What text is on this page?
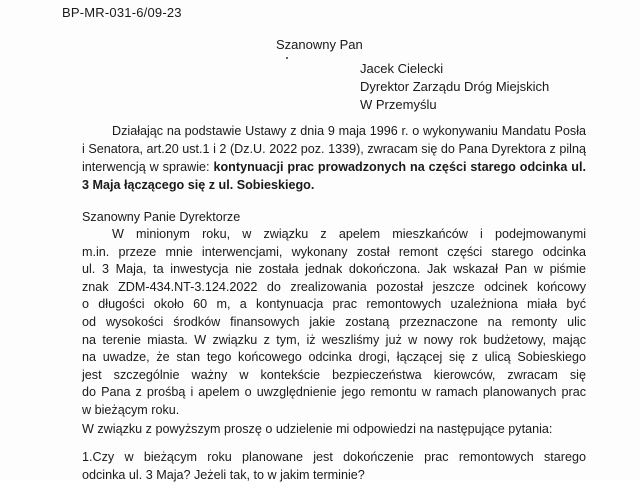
BP-MR-031-6/09-23
Szanowny Pan
Jacek Cielecki
Dyrektor Zarządu Dróg Miejskich
W Przemyślu
Działając na podstawie Ustawy z dnia 9 maja 1996 r. o wykonywaniu Mandatu Posła i Senatora, art.20 ust.1 i 2 (Dz.U. 2022 poz. 1339), zwracam się do Pana Dyrektora z pilną interwencją w sprawie: kontynuacji prac prowadzonych na części starego odcinka ul. 3 Maja łączącego się z ul. Sobieskiego.
Szanowny Panie Dyrektorze
W minionym roku, w związku z apelem mieszkańców i podejmowanymi
m.in. przeze mnie interwencjami, wykonany został remont części starego odcinka
ul. 3 Maja, ta inwestycja nie została jednak dokończona. Jak wskazał Pan w piśmie
znak ZDM-434.NT-3.124.2022 do zrealizowania pozostał jeszcze odcinek końcowy
o długości około 60 m, a kontynuacja prac remontowych uzależniona miała być
od wysokości środków finansowych jakie zostaną przeznaczone na remonty ulic
na terenie miasta. W związku z tym, iż weszliśmy już w nowy rok budżetowy, mając
na uwadze, że stan tego końcowego odcinka drogi, łączącej się z ulicą Sobieskiego
jest szczególnie ważny w kontekście bezpieczeństwa kierowców, zwracam się
do Pana z prośbą i apelem o uwzględnienie jego remontu w ramach planowanych prac
w bieżącym roku.
W związku z powyższym proszę o udzielenie mi odpowiedzi na następujące pytania:
1.Czy w bieżącym roku planowane jest dokończenie prac remontowych starego
odcinka ul. 3 Maja? Jeżeli tak, to w jakim terminie?
